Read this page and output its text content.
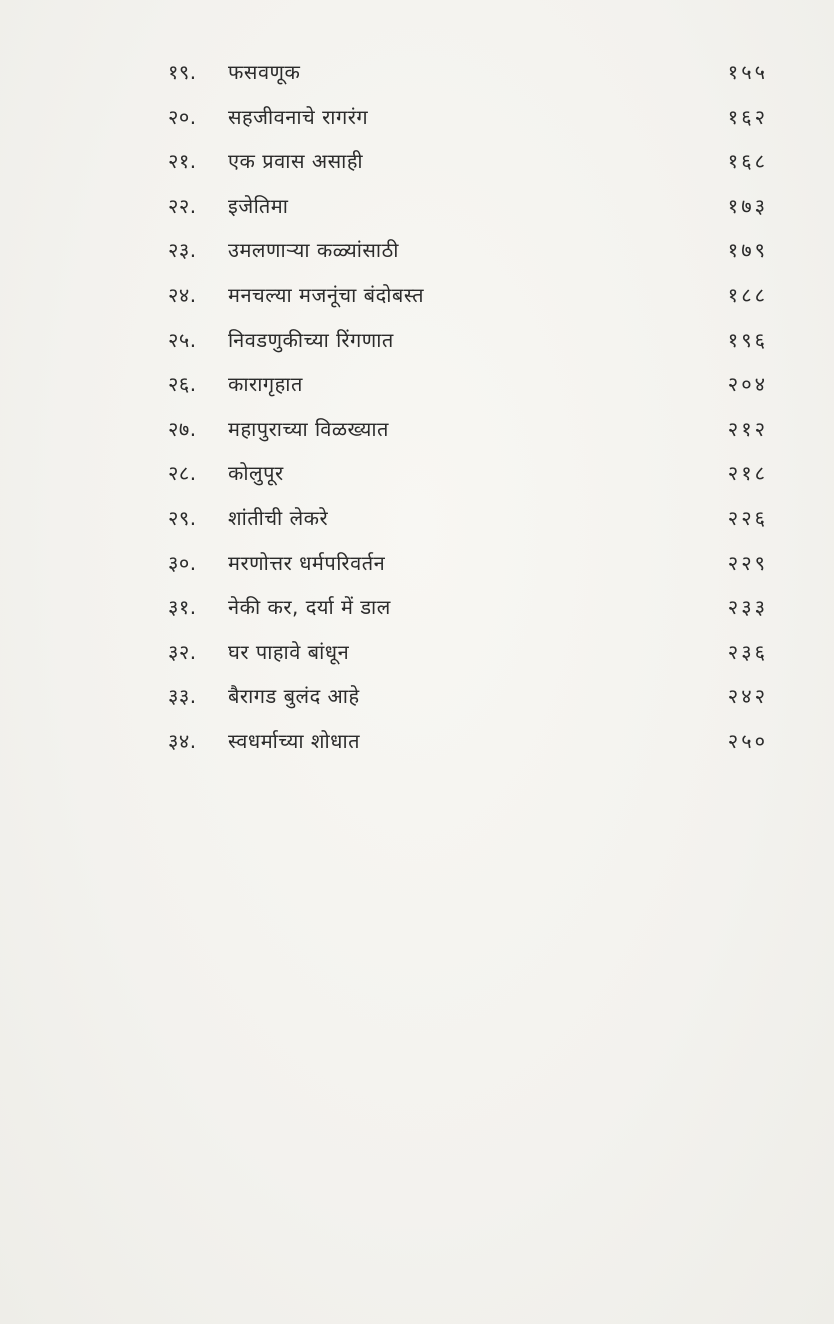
१९.	फसवणूक	१५५
२०.	सहजीवनाचे रागरंग	१६२
२१.	एक प्रवास असाही	१६८
२२.	इजेतिमा	१७३
२३.	उमलणाऱ्या कळ्यांसाठी	१७९
२४.	मनचल्या मजनूंचा बंदोबस्त	१८८
२५.	निवडणुकीच्या रिंगणात	१९६
२६.	कारागृहात	२०४
२७.	महापुराच्या विळख्यात	२१२
२८.	कोलुपूर	२१८
२९.	शांतीची लेकरे	२२६
३०.	मरणोत्तर धर्मपरिवर्तन	२२९
३१.	नेकी कर, दर्या में डाल	२३३
३२.	घर पाहावे बांधून	२३६
३३.	बैरागड बुलंद आहे	२४२
३४.	स्वधर्माच्या शोधात	२५०
